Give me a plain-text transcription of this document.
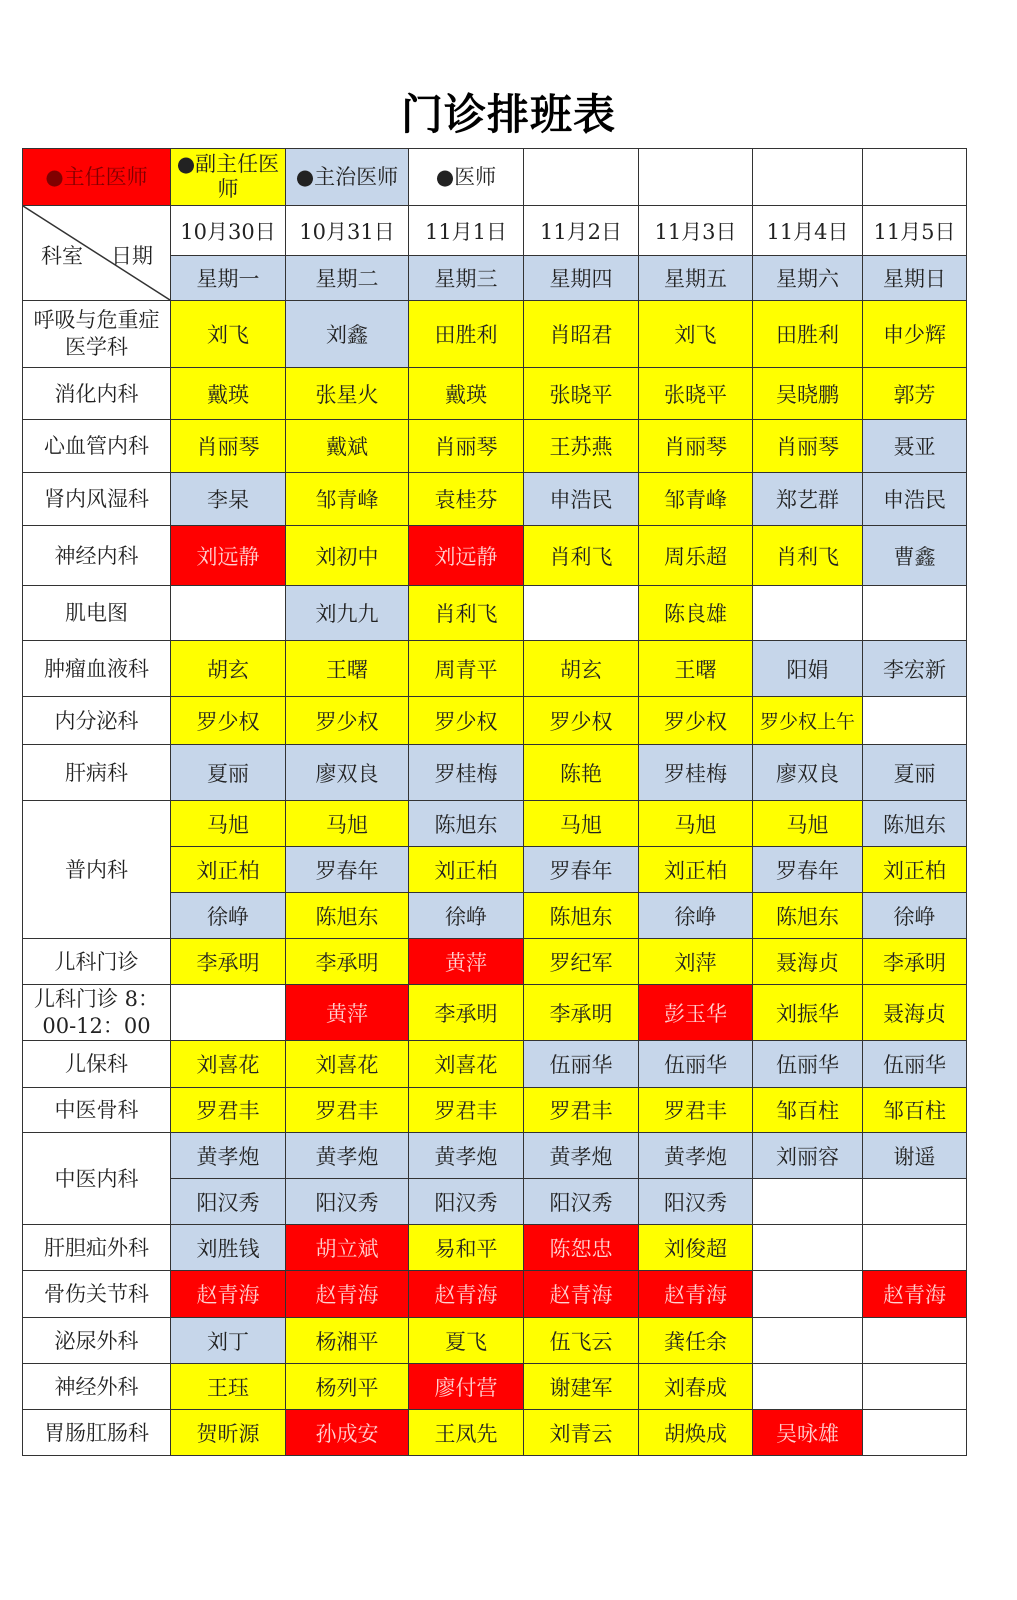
门诊排班表
●主任医师	●副主任医师	●主治医师	●医师				

科室 日期	10月30日	10月31日	11月1日	11月2日	11月3日	11月4日	11月5日
	星期一	星期二	星期三	星期四	星期五	星期六	星期日
呼吸与危重症医学科	刘飞	刘鑫	田胜利	肖昭君	刘飞	田胜利	申少辉
消化内科	戴瑛	张星火	戴瑛	张晓平	张晓平	吴晓鹏	郭芳
心血管内科	肖丽琴	戴斌	肖丽琴	王苏燕	肖丽琴	肖丽琴	聂亚
肾内风湿科	李杲	邹青峰	袁桂芬	申浩民	邹青峰	郑艺群	申浩民
神经内科	刘远静	刘初中	刘远静	肖利飞	周乐超	肖利飞	曹鑫
肌电图		刘九九	肖利飞		陈良雄		
肿瘤血液科	胡玄	王曙	周青平	胡玄	王曙	阳娟	李宏新
内分泌科	罗少权	罗少权	罗少权	罗少权	罗少权	罗少权上午	
肝病科	夏丽	廖双良	罗桂梅	陈艳	罗桂梅	廖双良	夏丽
普内科	马旭	马旭	陈旭东	马旭	马旭	马旭	陈旭东
	刘正柏	罗春年	刘正柏	罗春年	刘正柏	罗春年	刘正柏
	徐峥	陈旭东	徐峥	陈旭东	徐峥	陈旭东	徐峥
儿科门诊	李承明	李承明	黄萍	罗纪军	刘萍	聂海贞	李承明
儿科门诊 8：00-12：00		黄萍	李承明	李承明	彭玉华	刘振华	聂海贞
儿保科	刘喜花	刘喜花	刘喜花	伍丽华	伍丽华	伍丽华	伍丽华
中医骨科	罗君丰	罗君丰	罗君丰	罗君丰	罗君丰	邹百柱	邹百柱
中医内科	黄孝炮	黄孝炮	黄孝炮	黄孝炮	黄孝炮	刘丽容	谢遥
	阳汉秀	阳汉秀	阳汉秀	阳汉秀	阳汉秀		
肝胆疝外科	刘胜钱	胡立斌	易和平	陈恕忠	刘俊超		
骨伤关节科	赵青海	赵青海	赵青海	赵青海	赵青海		赵青海
泌尿外科	刘丁	杨湘平	夏飞	伍飞云	龚任余		
神经外科	王珏	杨列平	廖付营	谢建军	刘春成		
胃肠肛肠科	贺昕源	孙成安	王凤先	刘青云	胡焕成	吴咏雄	
